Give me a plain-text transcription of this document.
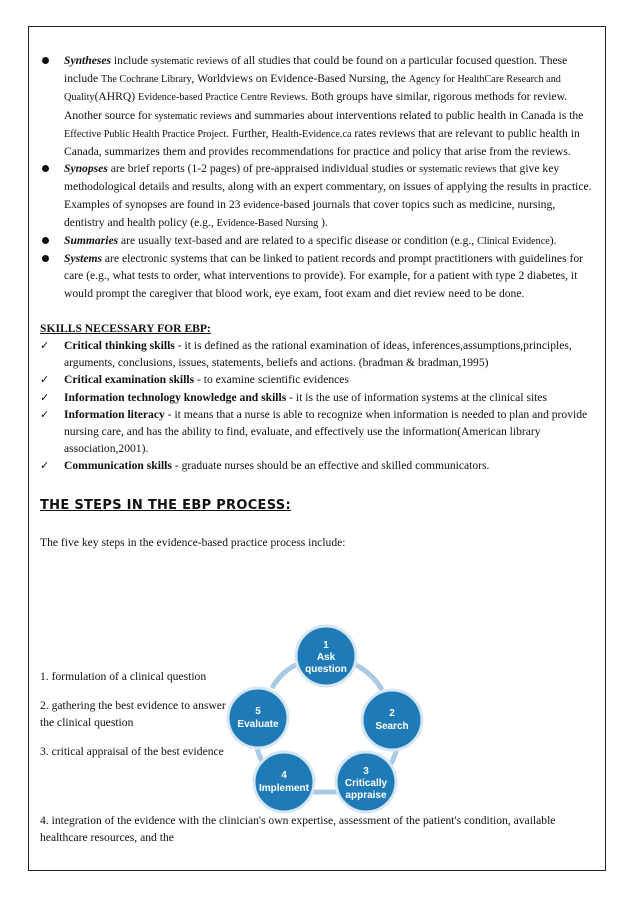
Syntheses include systematic reviews of all studies that could be found on a particular focused question. These include The Cochrane Library, Worldviews on Evidence-Based Nursing, the Agency for HealthCare Research and Quality(AHRQ) Evidence-based Practice Centre Reviews. Both groups have similar, rigorous methods for review. Another source for systematic reviews and summaries about interventions related to public health in Canada is the Effective Public Health Practice Project. Further, Health-Evidence.ca rates reviews that are relevant to public health in Canada, summarizes them and provides recommendations for practice and policy that arise from the reviews.
Synopses are brief reports (1-2 pages) of pre-appraised individual studies or systematic reviews that give key methodological details and results, along with an expert commentary, on issues of applying the results in practice. Examples of synopses are found in 23 evidence-based journals that cover topics such as medicine, nursing, dentistry and health policy (e.g., Evidence-Based Nursing ).
Summaries are usually text-based and are related to a specific disease or condition (e.g., Clinical Evidence).
Systems are electronic systems that can be linked to patient records and prompt practitioners with guidelines for care (e.g., what tests to order, what interventions to provide). For example, for a patient with type 2 diabetes, it would prompt the caregiver that blood work, eye exam, foot exam and diet review need to be done.
SKILLS NECESSARY FOR EBP:
✓ Critical thinking skills - it is defined as the rational examination of ideas, inferences,assumptions,principles, arguments, conclusions, issues, statements, beliefs and actions. (bradman & bradman,1995)
✓ Critical examination skills - to examine scientific evidences
✓ Information technology knowledge and skills - it is the use of information systems at the clinical sites
✓ Information literacy - it means that a nurse is able to recognize when information is needed to plan and provide nursing care, and has the ability to find, evaluate, and effectively use the information(American library association,2001).
✓ Communication skills - graduate nurses should be an effective and skilled communicators.
THE STEPS IN THE EBP PROCESS:
The five key steps in the evidence-based practice process include:

1. formulation of a clinical question

2. gathering the best evidence to answer the clinical question

3. critical appraisal of the best evidence

4. integration of the evidence with the clinician's own expertise, assessment of the patient's condition, available healthcare resources, and the
1
Ask
question
2
Search
3
Critically
appraise
4
Implement
5
Evaluate
